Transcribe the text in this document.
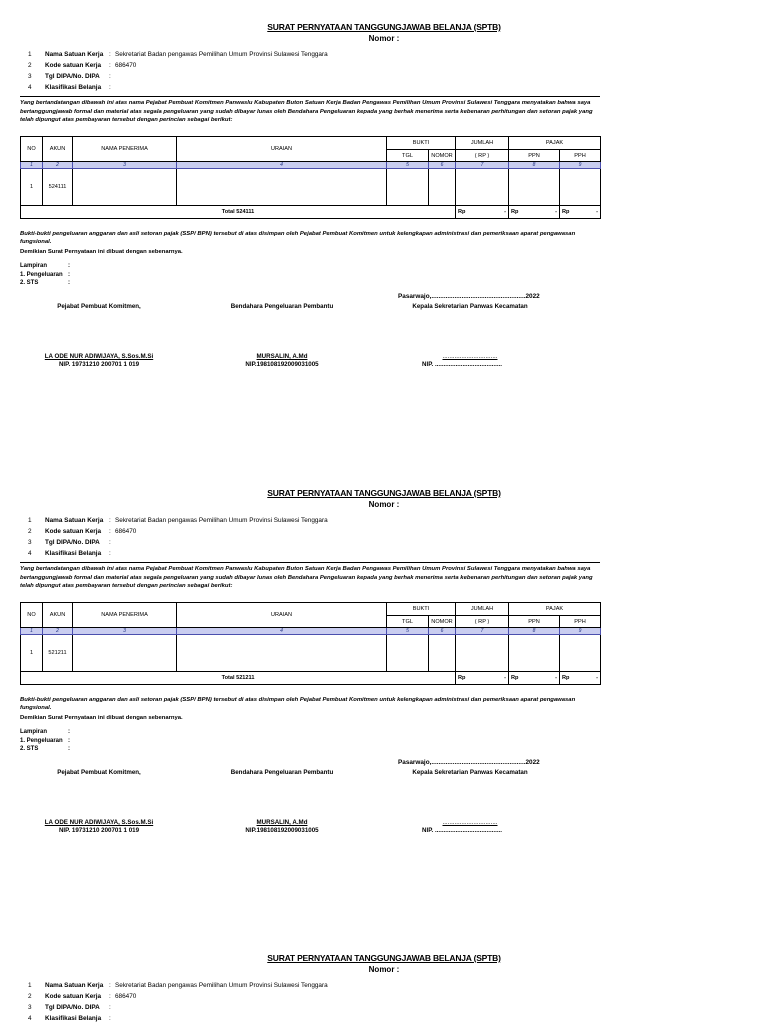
SURAT PERNYATAAN TANGGUNGJAWAB BELANJA (SPTB)
Nomor :
1	Nama Satuan Kerja : Sekretariat Badan pengawas Pemilihan Umum Provinsi Sulawesi Tenggara
2	Kode satuan Kerja	: 686470
3	Tgl DIPA/No. DIPA	:
4	Klasifikasi Belanja	:
Yang bertandatangan dibawah ini atas nama Pejabat Pembuat Komitmen Panwaslu Kabupaten Buton Satuan Kerja Badan Pengawas Pemilihan Umum Provinsi Sulawesi Tenggara menyatakan bahwa saya bertanggungjawab formal dan material atas segala pengeluaran yang sudah dibayar lunas oleh Bendahara Pengeluaran kepada yang berhak menerima serta kebenaran perhitungan dan setoran pajak yang telah dipungut atas pembayaran tersebut dengan perincian sebagai berikut:
NO	AKUN	NAMA PENERIMA	URAIAN	BUKTI		JUMLAH	PAJAK	
				TGL	NOMOR	( RP )	PPN	PPH
1	2	3	4	5	6	7	8	9
1	524111							
Total 524111						Rp -	Rp -	Rp -
Bukti-bukti pengeluaran anggaran dan asli setoran pajak (SSP/ BPN) tersebut di atas disimpan oleh Pejabat Pembuat Komitmen untuk kelengkapan administrasi dan pemeriksaan aparat pengawasan fungsional.
Demikian Surat Pernyataan ini dibuat dengan sebenarnya.
Lampiran	:
1. Pengeluaran :
2. STS	:
Pasarwajo,.....................................................2022
Pejabat Pembuat Komitmen,
LA ODE NUR ADIWIJAYA, S.Sos.M.Si
NIP. 19731210 200701 1 019
Bendahara Pengeluaran Pembantu
MURSALIN, A.Md
NIP.198108192009031005
Kepala Sekretarian Panwas Kecamatan
................................
NIP. .......................................
SURAT PERNYATAAN TANGGUNGJAWAB BELANJA (SPTB)
Nomor :
1	Nama Satuan Kerja : Sekretariat Badan pengawas Pemilihan Umum Provinsi Sulawesi Tenggara
2	Kode satuan Kerja	: 686470
3	Tgl DIPA/No. DIPA	:
4	Klasifikasi Belanja	:
Yang bertandatangan dibawah ini atas nama Pejabat Pembuat Komitmen Panwaslu Kabupaten Buton Satuan Kerja Badan Pengawas Pemilihan Umum Provinsi Sulawesi Tenggara menyatakan bahwa saya bertanggungjawab formal dan material atas segala pengeluaran yang sudah dibayar lunas oleh Bendahara Pengeluaran kepada yang berhak menerima serta kebenaran perhitungan dan setoran pajak yang telah dipungut atas pembayaran tersebut dengan perincian sebagai berikut:
NO	AKUN	NAMA PENERIMA	URAIAN	BUKTI		JUMLAH	PAJAK	
				TGL	NOMOR	( RP )	PPN	PPH
1	2	3	4	5	6	7	8	9
1	521211							
Total 521211						Rp -	Rp -	Rp -
Bukti-bukti pengeluaran anggaran dan asli setoran pajak (SSP/ BPN) tersebut di atas disimpan oleh Pejabat Pembuat Komitmen untuk kelengkapan administrasi dan pemeriksaan aparat pengawasan fungsional.
Demikian Surat Pernyataan ini dibuat dengan sebenarnya.
Lampiran	:
1. Pengeluaran :
2. STS	:
Pasarwajo,.....................................................2022
Pejabat Pembuat Komitmen,
LA ODE NUR ADIWIJAYA, S.Sos.M.Si
NIP. 19731210 200701 1 019
Bendahara Pengeluaran Pembantu
MURSALIN, A.Md
NIP.198108192009031005
Kepala Sekretarian Panwas Kecamatan
................................
NIP. .......................................
SURAT PERNYATAAN TANGGUNGJAWAB BELANJA (SPTB)
Nomor :
1	Nama Satuan Kerja : Sekretariat Badan pengawas Pemilihan Umum Provinsi Sulawesi Tenggara
2	Kode satuan Kerja	: 686470
3	Tgl DIPA/No. DIPA	:
4	Klasifikasi Belanja	:
